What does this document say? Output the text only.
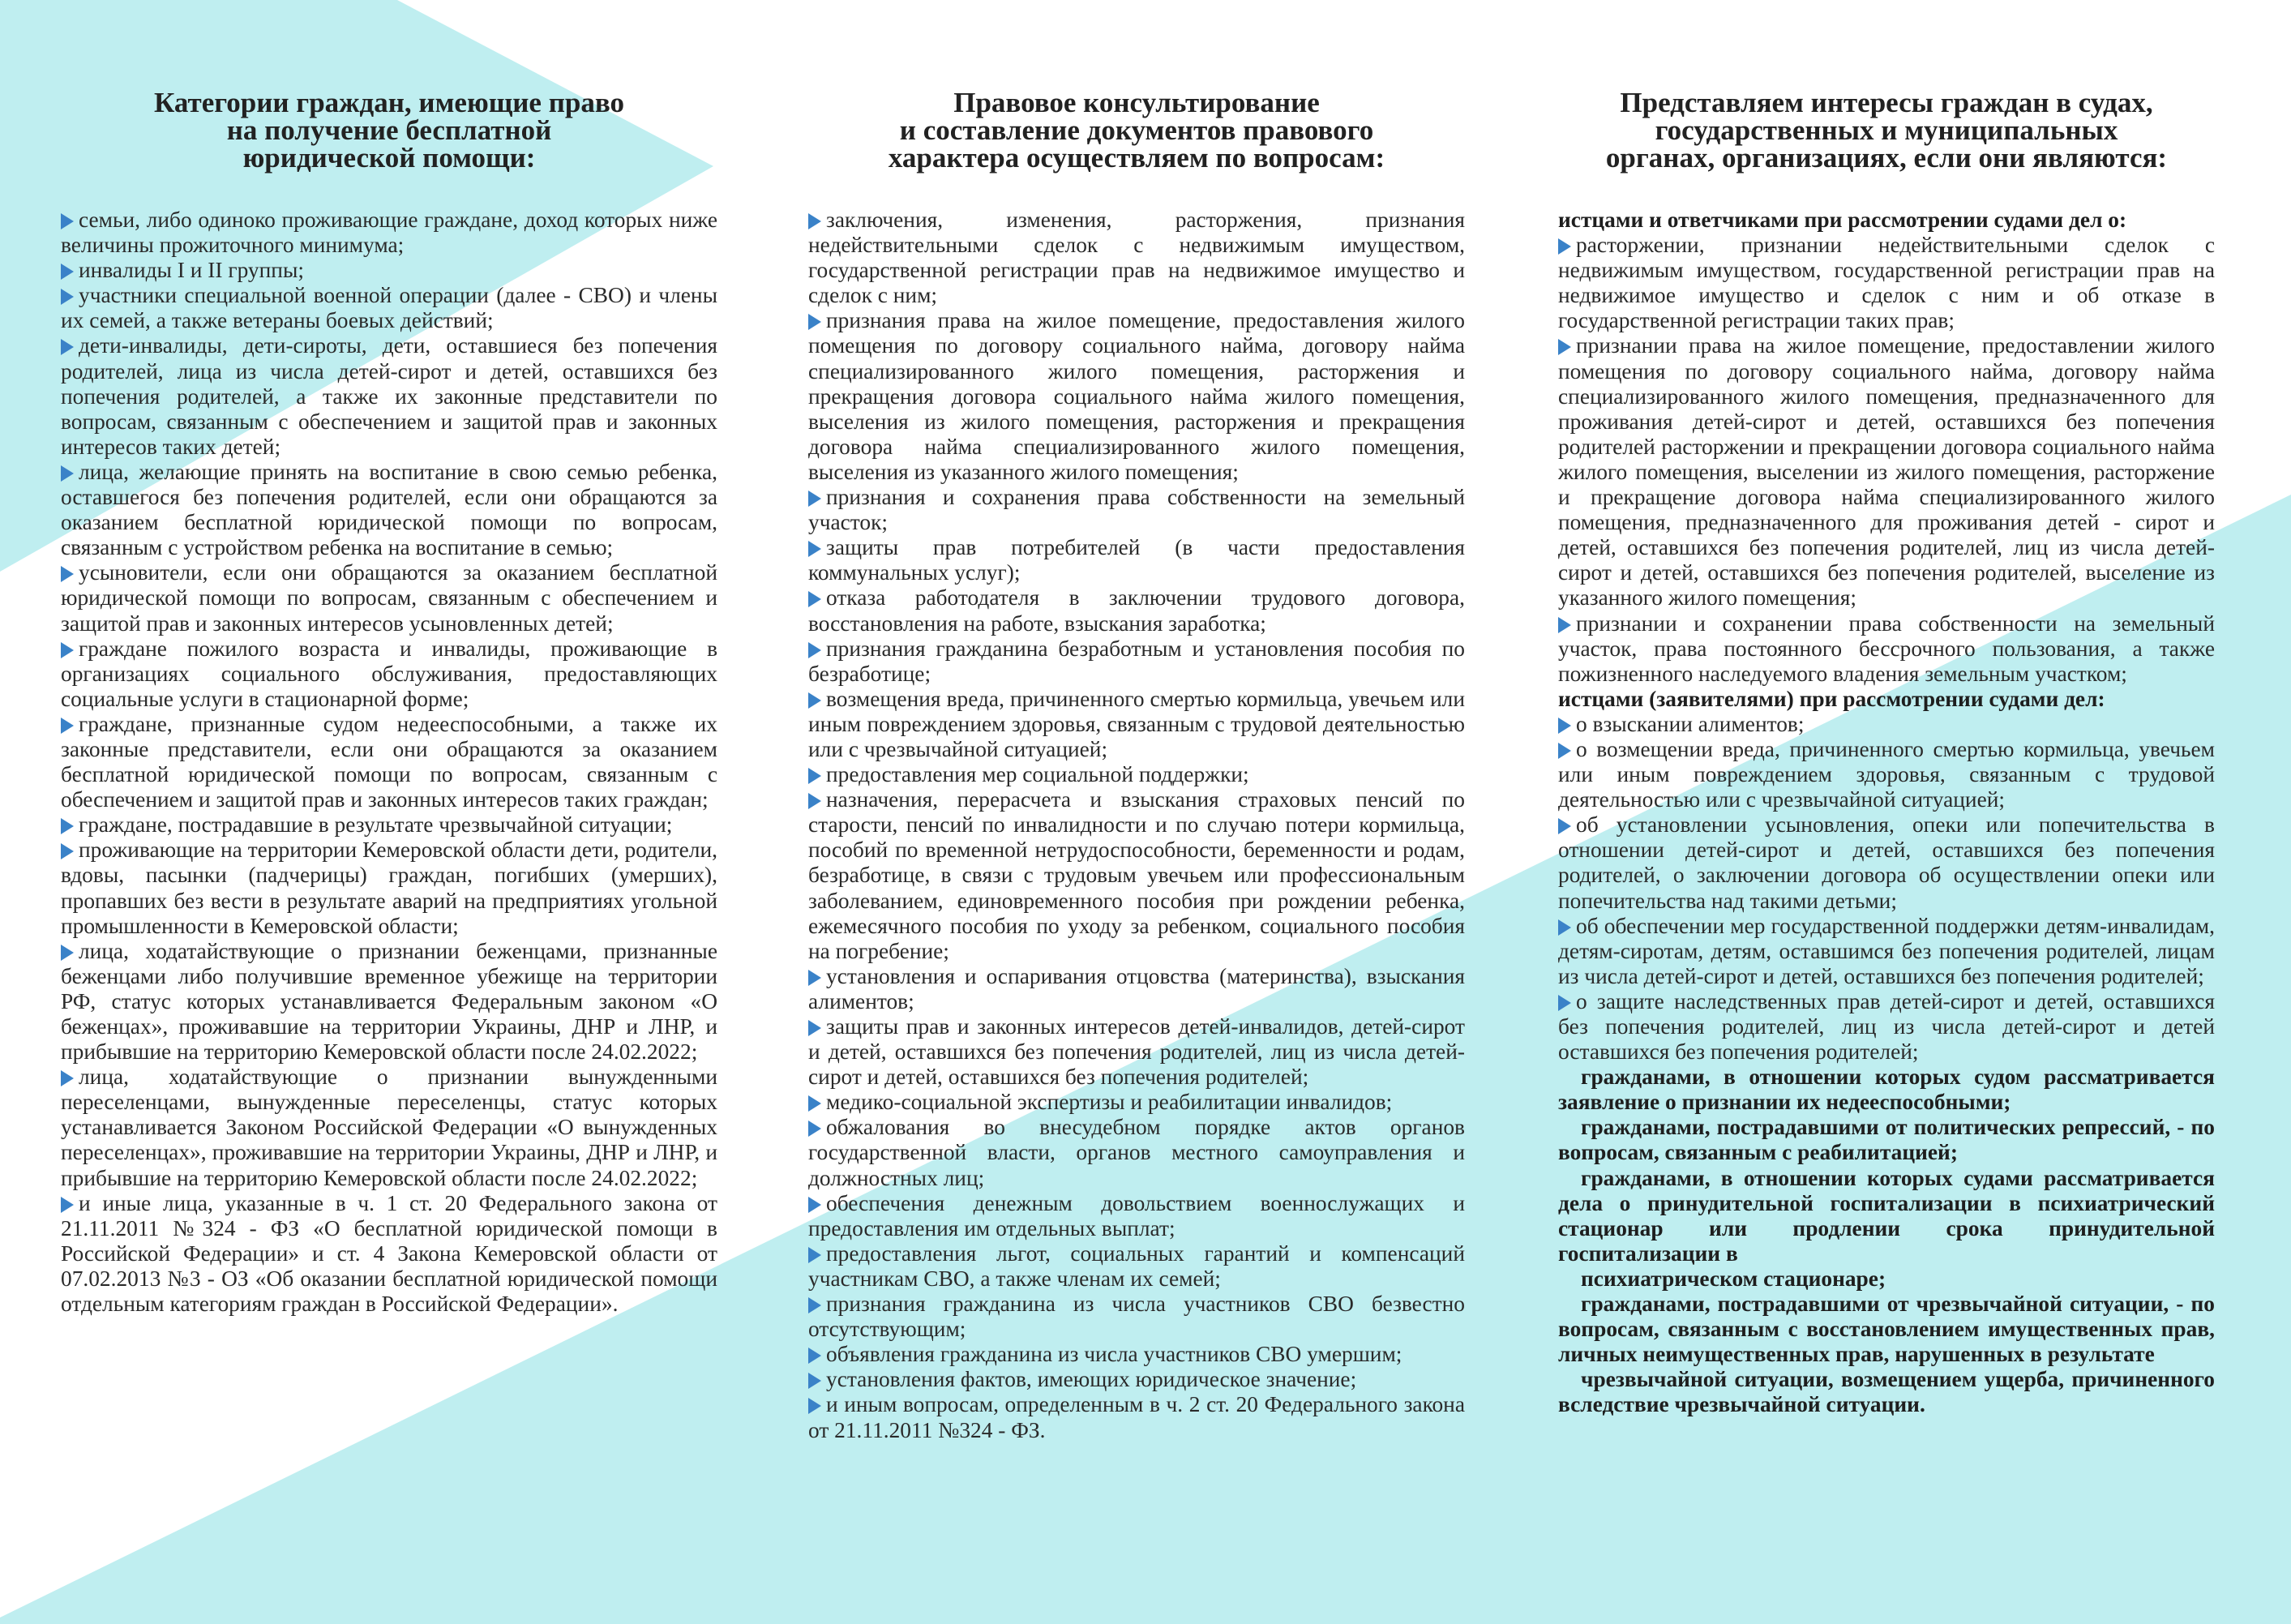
Категории граждан, имеющие право
на получение бесплатной
юридической помощи:

семьи, либо одиноко проживающие граждане, доход которых ниже величины прожиточного минимума;

инвалиды I и II группы;

участники специальной военной операции (далее - СВО) и члены их семей, а также ветераны боевых действий;

дети-инвалиды, дети-сироты, дети, оставшиеся без попечения родителей, лица из числа детей-сирот и детей, оставшихся без попечения родителей, а также их законные представители по вопросам, связанным с обеспечением и защитой прав и законных интересов таких детей;

лица, желающие принять на воспитание в свою семью ребенка, оставшегося без попечения родителей, если они обращаются за оказанием бесплатной юридической помощи по вопросам, связанным с устройством ребенка на воспитание в семью;

усыновители, если они обращаются за оказанием бесплатной юридической помощи по вопросам, связанным с обеспечением и защитой прав и законных интересов усыновленных детей;

граждане пожилого возраста и инвалиды, проживающие в организациях социального обслуживания, предоставляющих социальные услуги в стационарной форме;

граждане, признанные судом недееспособными, а также их законные представители, если они обращаются за оказанием бесплатной юридической помощи по вопросам, связанным с обеспечением и защитой прав и законных интересов таких граждан;

граждане, пострадавшие в результате чрезвычайной ситуации;

проживающие на территории Кемеровской области дети, родители, вдовы, пасынки (падчерицы) граждан, погибших (умерших), пропавших без вести в результате аварий на предприятиях угольной промышленности в Кемеровской области;

лица, ходатайствующие о признании беженцами, признанные беженцами либо получившие временное убежище на территории РФ, статус которых устанавливается Федеральным законом «О беженцах», проживавшие на территории Украины, ДНР и ЛНР, и прибывшие на территорию Кемеровской области после 24.02.2022;

лица, ходатайствующие о признании вынужденными переселенцами, вынужденные переселенцы, статус которых устанавливается Законом Российской Федерации «О вынужденных переселенцах», проживавшие на территории Украины, ДНР и ЛНР, и прибывшие на территорию Кемеровской области после 24.02.2022;

и иные лица, указанные в ч. 1 ст. 20 Федерального закона от 21.11.2011 №324 - ФЗ «О бесплатной юридической помощи в Российской Федерации» и ст. 4 Закона Кемеровской области от 07.02.2013 №3 - ОЗ «Об оказании бесплатной юридической помощи отдельным категориям граждан в Российской Федерации».

Правовое консультирование
и составление документов правового
характера осуществляем по вопросам:

заключения, изменения, расторжения, признания недействительными сделок с недвижимым имуществом, государственной регистрации прав на недвижимое имущество и сделок с ним;

признания права на жилое помещение, предоставления жилого помещения по договору социального найма, договору найма специализированного жилого помещения, расторжения и прекращения договора социального найма жилого помещения, выселения из жилого помещения, расторжения и прекращения договора найма специализированного жилого помещения, выселения из указанного жилого помещения;

признания и сохранения права собственности на земельный участок;

защиты прав потребителей (в части предоставления коммунальных услуг);

отказа работодателя в заключении трудового договора, восстановления на работе, взыскания заработка;

признания гражданина безработным и установления пособия по безработице;

возмещения вреда, причиненного смертью кормильца, увечьем или иным повреждением здоровья, связанным с трудовой деятельностью или с чрезвычайной ситуацией;

предоставления мер социальной поддержки;

назначения, перерасчета и взыскания страховых пенсий по старости, пенсий по инвалидности и по случаю потери кормильца, пособий по временной нетрудоспособности, беременности и родам, безработице, в связи с трудовым увечьем или профессиональным заболеванием, единовременного пособия при рождении ребенка, ежемесячного пособия по уходу за ребенком, социального пособия на погребение;

установления и оспаривания отцовства (материнства), взыскания алиментов;

защиты прав и законных интересов детей-инвалидов, детей-сирот и детей, оставшихся без попечения родителей, лиц из числа детей-сирот и детей, оставшихся без попечения родителей;

медико-социальной экспертизы и реабилитации инвалидов;

обжалования во внесудебном порядке актов органов государственной власти, органов местного самоуправления и должностных лиц;

обеспечения денежным довольствием военнослужащих и предоставления им отдельных выплат;

предоставления льгот, социальных гарантий и компенсаций участникам СВО, а также членам их семей;

признания гражданина из числа участников СВО безвестно отсутствующим;

объявления гражданина из числа участников СВО умершим;

установления фактов, имеющих юридическое значение;

и иным вопросам, определенным в ч. 2 ст. 20 Федерального закона от 21.11.2011 №324 - ФЗ.

Представляем интересы граждан в судах,
государственных и муниципальных
органах, организациях, если они являются:

истцами и ответчиками при рассмотрении судами дел о:

расторжении, признании недействительными сделок с недвижимым имуществом, государственной регистрации прав на недвижимое имущество и сделок с ним и об отказе в государственной регистрации таких прав;

признании права на жилое помещение, предоставлении жилого помещения по договору социального найма, договору найма специализированного жилого помещения, предназначенного для проживания детей-сирот и детей, оставшихся без попечения родителей расторжении и прекращении договора социального найма жилого помещения, выселении из жилого помещения, расторжение и прекращение договора найма специализированного жилого помещения, предназначенного для проживания детей - сирот и детей, оставшихся без попечения родителей, лиц из числа детей-сирот и детей, оставшихся без попечения родителей, выселение из указанного жилого помещения;

признании и сохранении права собственности на земельный участок, права постоянного бессрочного пользования, а также пожизненного наследуемого владения земельным участком;

истцами (заявителями) при рассмотрении судами дел:

о взыскании алиментов;

о возмещении вреда, причиненного смертью кормильца, увечьем или иным повреждением здоровья, связанным с трудовой деятельностью или с чрезвычайной ситуацией;

об установлении усыновления, опеки или попечительства в отношении детей-сирот и детей, оставшихся без попечения родителей, о заключении договора об осуществлении опеки или попечительства над такими детьми;

об обеспечении мер государственной поддержки детям-инвалидам, детям-сиротам, детям, оставшимся без попечения родителей, лицам из числа детей-сирот и детей, оставшихся без попечения родителей;

о защите наследственных прав детей-сирот и детей, оставшихся без попечения родителей, лиц из числа детей-сирот и детей оставшихся без попечения родителей;

гражданами, в отношении которых судом рассматривается заявление о признании их недееспособными;

гражданами, пострадавшими от политических репрессий, - по вопросам, связанным с реабилитацией;

гражданами, в отношении которых судами рассматривается дела о принудительной госпитализации в психиатрический стационар или продлении срока принудительной госпитализации в

психиатрическом стационаре;

гражданами, пострадавшими от чрезвычайной ситуации, - по вопросам, связанным с восстановлением имущественных прав, личных неимущественных прав, нарушенных в результате

чрезвычайной ситуации, возмещением ущерба, причиненного вследствие чрезвычайной ситуации.
